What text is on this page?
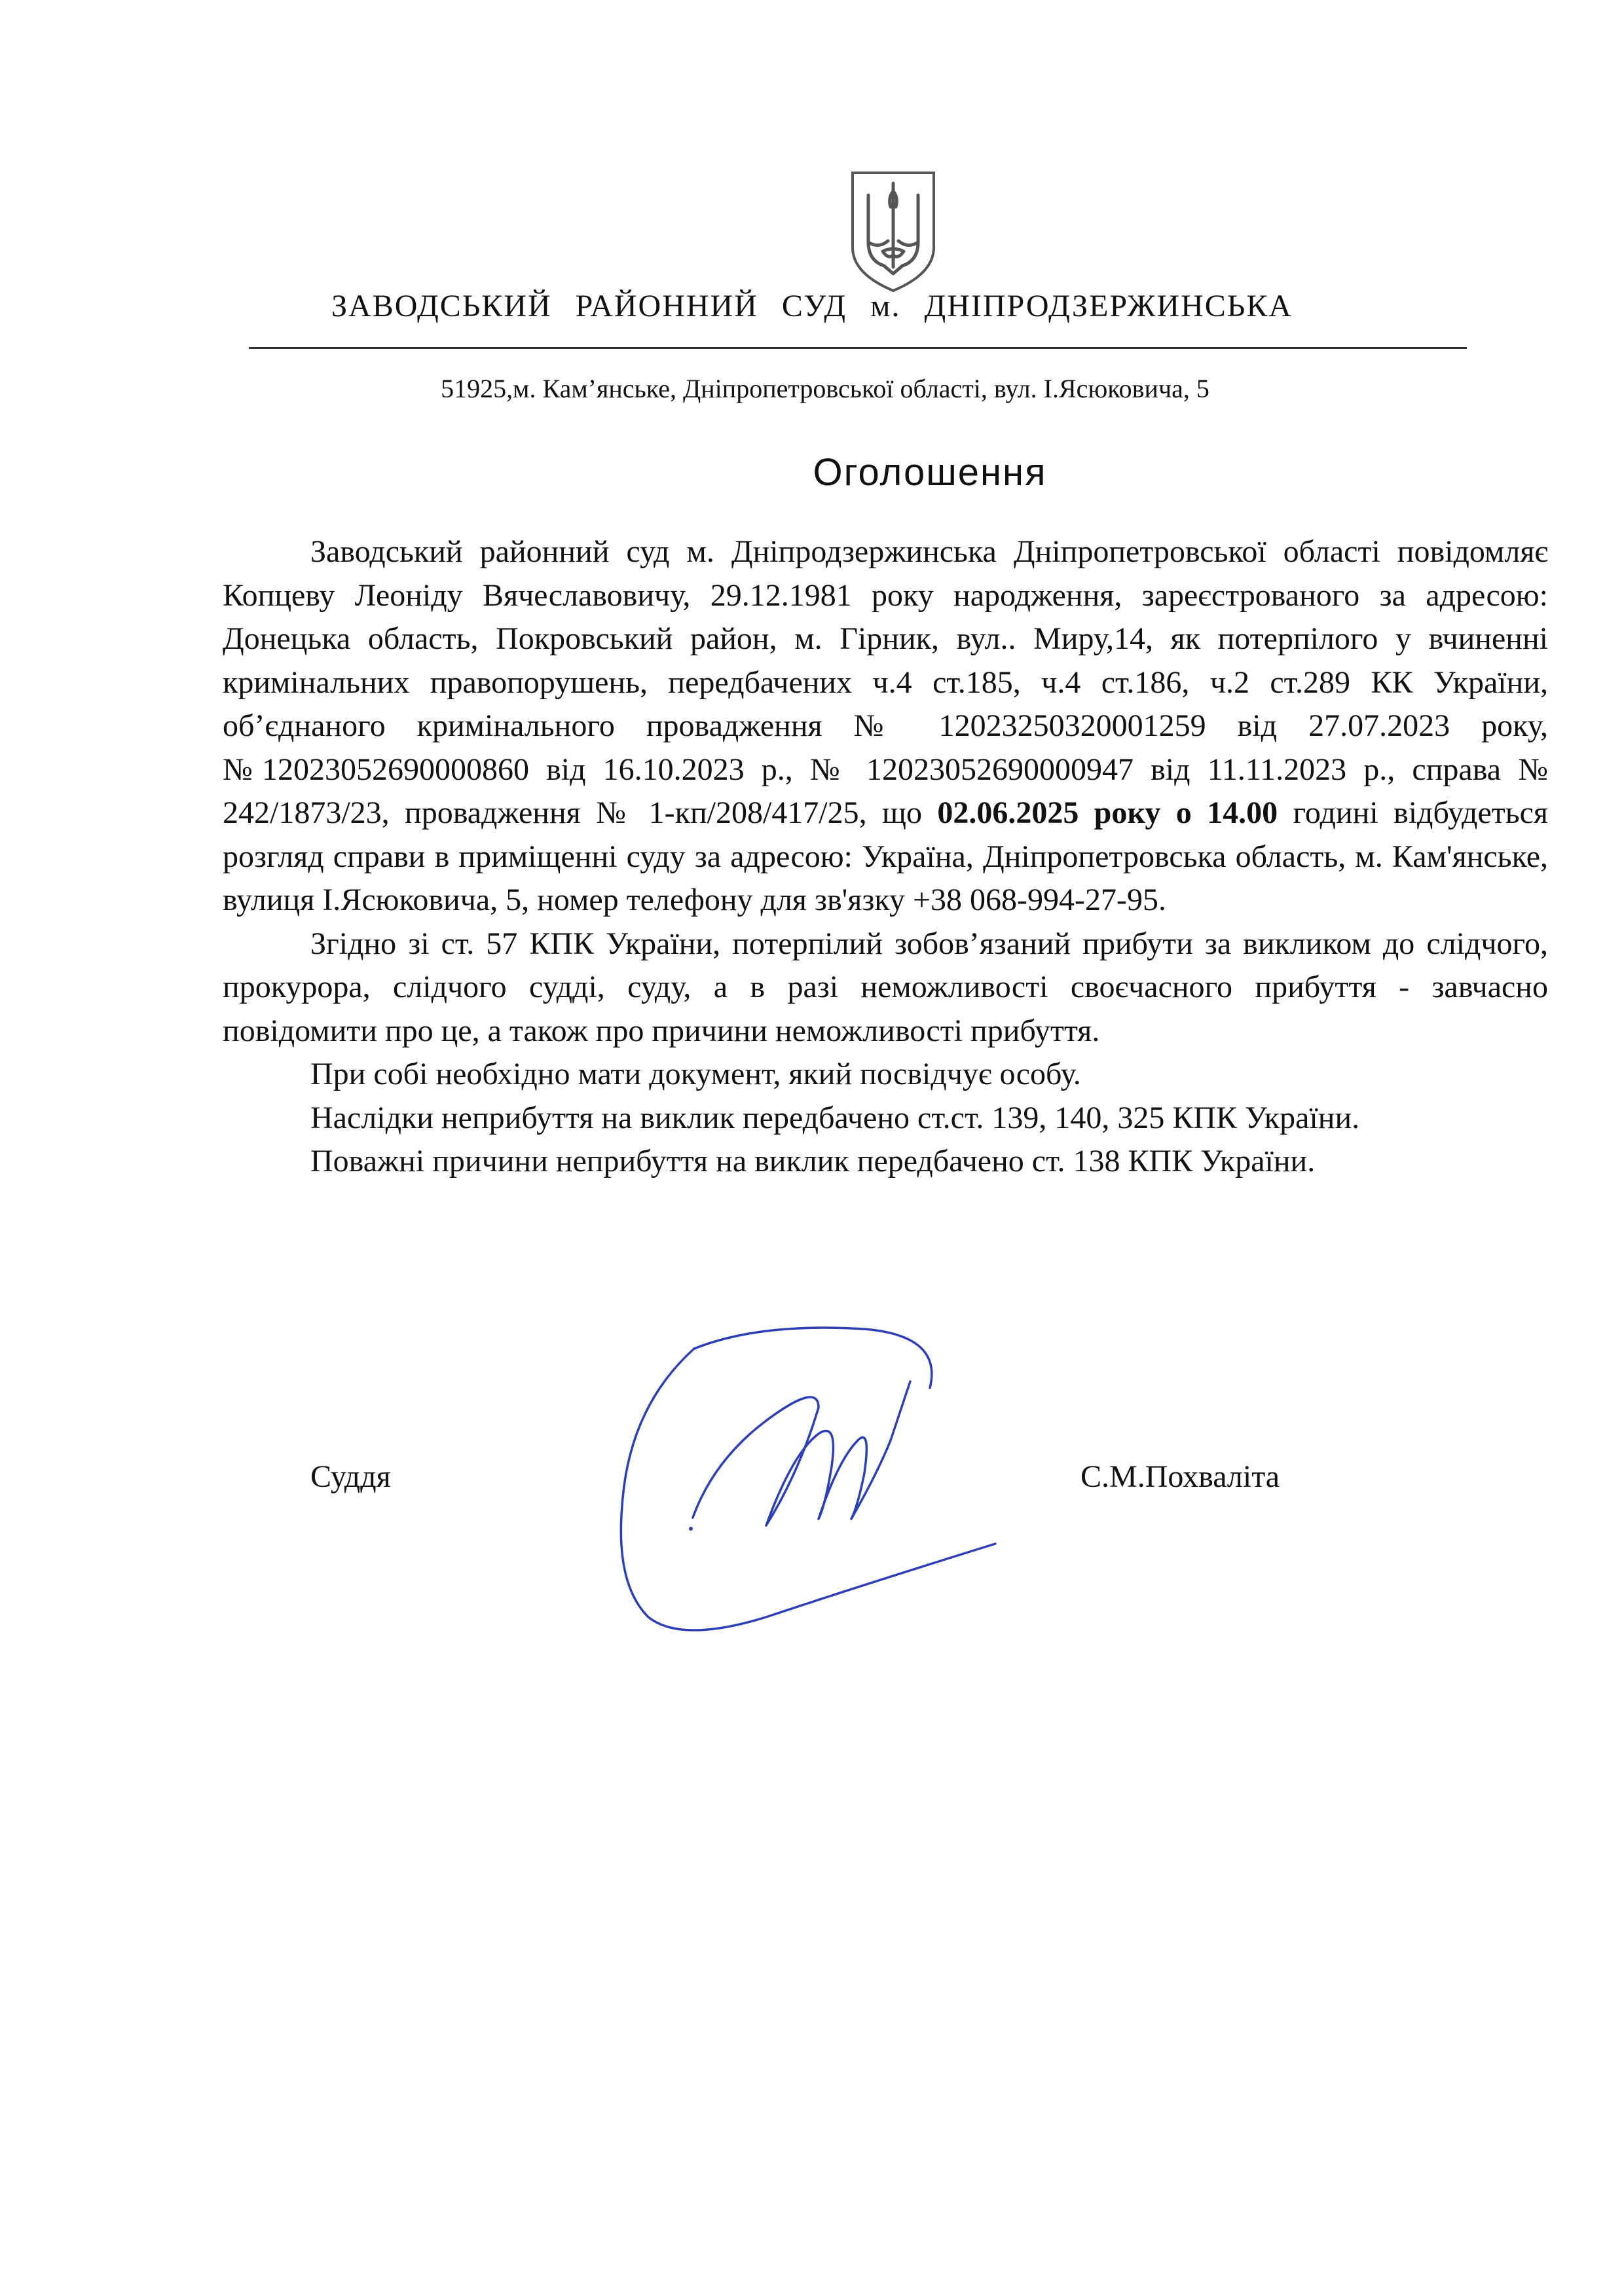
ЗАВОДСЬКИЙ РАЙОННИЙ СУД м. ДНІПРОДЗЕРЖИНСЬКА
51925,м. Кам’янське, Дніпропетровської області, вул. І.Ясюковича, 5
Оголошення

Заводський районний суд м. Дніпродзержинська Дніпропетровської області повідомляє Копцеву Леоніду Вячеславовичу, 29.12.1981 року народження, зареєстрованого за адресою: Донецька область, Покровський район, м. Гірник, вул.. Миру,14, як потерпілого у вчиненні кримінальних правопорушень, передбачених ч.4 ст.185, ч.4 ст.186, ч.2 ст.289 КК України, об’єднаного кримінального провадження № 12023250320001259 від 27.07.2023 року, №12023052690000860 від 16.10.2023 р., № 12023052690000947 від 11.11.2023 р., справа № 242/1873/23, провадження № 1-кп/208/417/25, що 02.06.2025 року о 14.00 годині відбудеться розгляд справи в приміщенні суду за адресою: Україна, Дніпропетровська область, м. Кам'янське, вулиця І.Ясюковича, 5, номер телефону для зв'язку +38 068-994-27-95.

Згідно зі ст. 57 КПК України, потерпілий зобов’язаний прибути за викликом до слідчого, прокурора, слідчого судді, суду, а в разі неможливості своєчасного прибуття - завчасно повідомити про це, а також про причини неможливості прибуття.

При собі необхідно мати документ, який посвідчує особу.

Наслідки неприбуття на виклик передбачено ст.ст. 139, 140, 325 КПК України.

Поважні причини неприбуття на виклик передбачено ст. 138 КПК України.

Суддя	С.М.Похваліта
